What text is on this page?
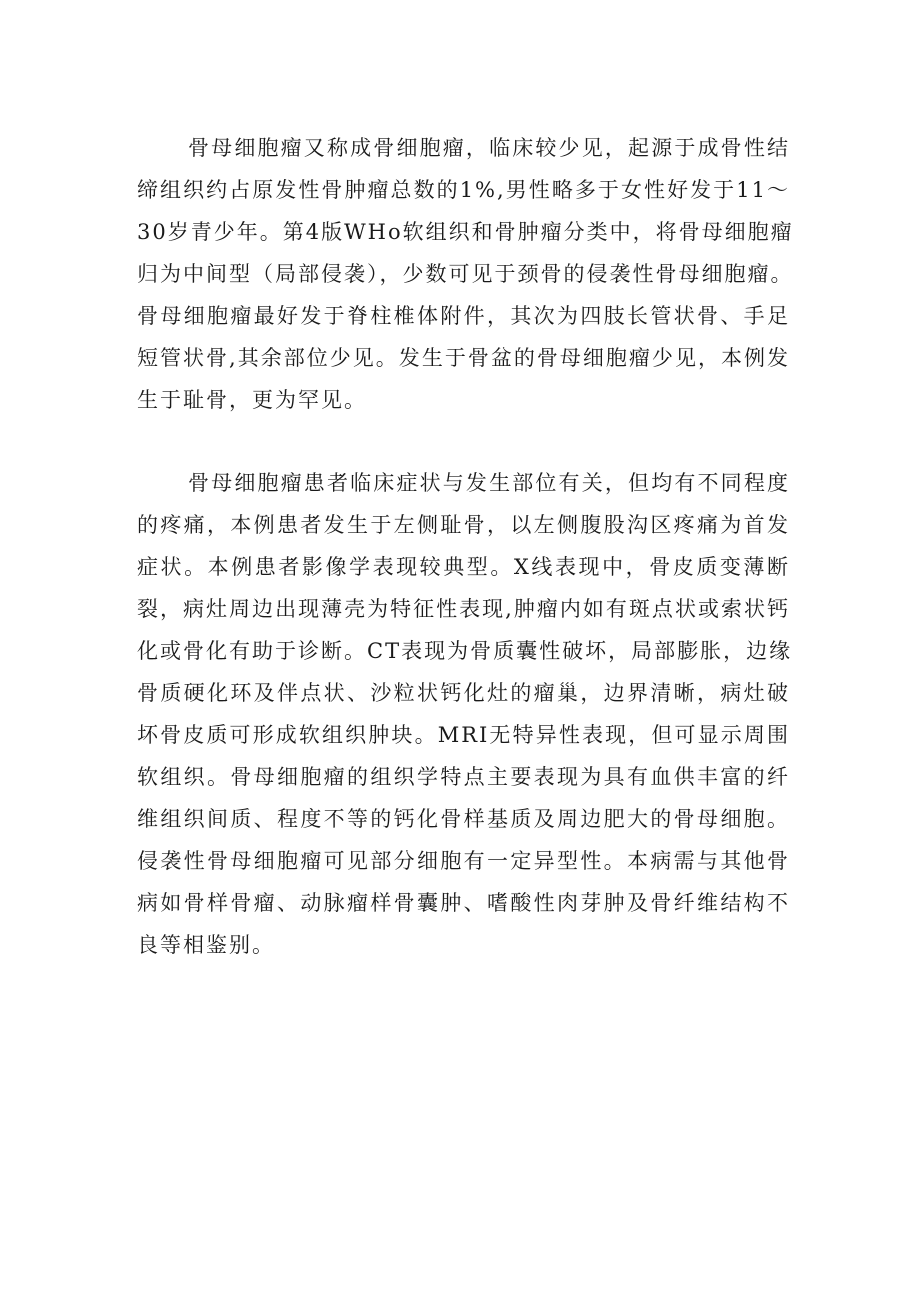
骨母细胞瘤又称成骨细胞瘤，临床较少见，起源于成骨性结
缔组织约占原发性骨肿瘤总数的1%,男性略多于女性好发于11～
30岁青少年。第4版WHo软组织和骨肿瘤分类中，将骨母细胞瘤
归为中间型（局部侵袭），少数可见于颈骨的侵袭性骨母细胞瘤。
骨母细胞瘤最好发于脊柱椎体附件，其次为四肢长管状骨、手足
短管状骨,其余部位少见。发生于骨盆的骨母细胞瘤少见，本例发
生于耻骨，更为罕见。
骨母细胞瘤患者临床症状与发生部位有关，但均有不同程度
的疼痛，本例患者发生于左侧耻骨，以左侧腹股沟区疼痛为首发
症状。本例患者影像学表现较典型。X线表现中，骨皮质变薄断
裂，病灶周边出现薄壳为特征性表现,肿瘤内如有斑点状或索状钙
化或骨化有助于诊断。CT表现为骨质囊性破坏，局部膨胀，边缘
骨质硬化环及伴点状、沙粒状钙化灶的瘤巢，边界清晰，病灶破
坏骨皮质可形成软组织肿块。MRI无特异性表现，但可显示周围
软组织。骨母细胞瘤的组织学特点主要表现为具有血供丰富的纤
维组织间质、程度不等的钙化骨样基质及周边肥大的骨母细胞。
侵袭性骨母细胞瘤可见部分细胞有一定异型性。本病需与其他骨
病如骨样骨瘤、动脉瘤样骨囊肿、嗜酸性肉芽肿及骨纤维结构不
良等相鉴别。
